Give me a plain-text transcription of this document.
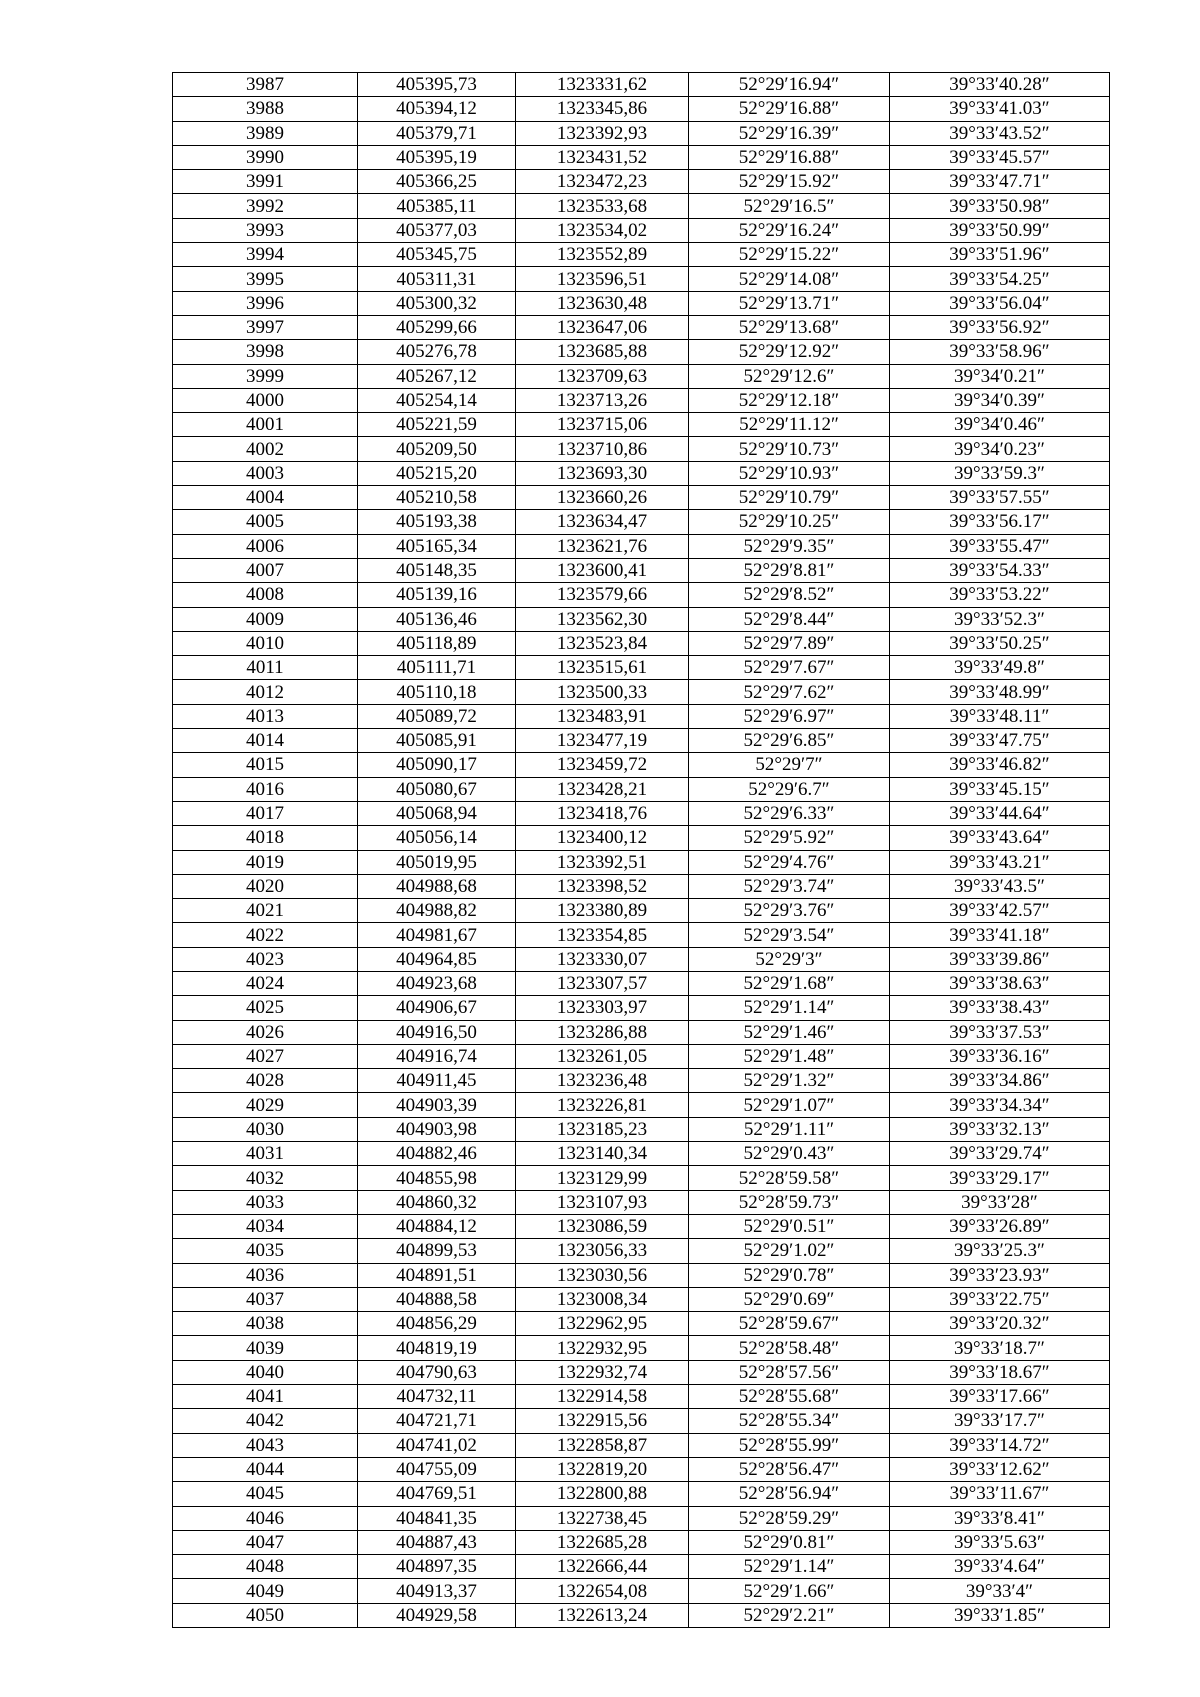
3987	405395,73	1323331,62	52°29′16.94″	39°33′40.28″
3988	405394,12	1323345,86	52°29′16.88″	39°33′41.03″
3989	405379,71	1323392,93	52°29′16.39″	39°33′43.52″
3990	405395,19	1323431,52	52°29′16.88″	39°33′45.57″
3991	405366,25	1323472,23	52°29′15.92″	39°33′47.71″
3992	405385,11	1323533,68	52°29′16.5″	39°33′50.98″
3993	405377,03	1323534,02	52°29′16.24″	39°33′50.99″
3994	405345,75	1323552,89	52°29′15.22″	39°33′51.96″
3995	405311,31	1323596,51	52°29′14.08″	39°33′54.25″
3996	405300,32	1323630,48	52°29′13.71″	39°33′56.04″
3997	405299,66	1323647,06	52°29′13.68″	39°33′56.92″
3998	405276,78	1323685,88	52°29′12.92″	39°33′58.96″
3999	405267,12	1323709,63	52°29′12.6″	39°34′0.21″
4000	405254,14	1323713,26	52°29′12.18″	39°34′0.39″
4001	405221,59	1323715,06	52°29′11.12″	39°34′0.46″
4002	405209,50	1323710,86	52°29′10.73″	39°34′0.23″
4003	405215,20	1323693,30	52°29′10.93″	39°33′59.3″
4004	405210,58	1323660,26	52°29′10.79″	39°33′57.55″
4005	405193,38	1323634,47	52°29′10.25″	39°33′56.17″
4006	405165,34	1323621,76	52°29′9.35″	39°33′55.47″
4007	405148,35	1323600,41	52°29′8.81″	39°33′54.33″
4008	405139,16	1323579,66	52°29′8.52″	39°33′53.22″
4009	405136,46	1323562,30	52°29′8.44″	39°33′52.3″
4010	405118,89	1323523,84	52°29′7.89″	39°33′50.25″
4011	405111,71	1323515,61	52°29′7.67″	39°33′49.8″
4012	405110,18	1323500,33	52°29′7.62″	39°33′48.99″
4013	405089,72	1323483,91	52°29′6.97″	39°33′48.11″
4014	405085,91	1323477,19	52°29′6.85″	39°33′47.75″
4015	405090,17	1323459,72	52°29′7″	39°33′46.82″
4016	405080,67	1323428,21	52°29′6.7″	39°33′45.15″
4017	405068,94	1323418,76	52°29′6.33″	39°33′44.64″
4018	405056,14	1323400,12	52°29′5.92″	39°33′43.64″
4019	405019,95	1323392,51	52°29′4.76″	39°33′43.21″
4020	404988,68	1323398,52	52°29′3.74″	39°33′43.5″
4021	404988,82	1323380,89	52°29′3.76″	39°33′42.57″
4022	404981,67	1323354,85	52°29′3.54″	39°33′41.18″
4023	404964,85	1323330,07	52°29′3″	39°33′39.86″
4024	404923,68	1323307,57	52°29′1.68″	39°33′38.63″
4025	404906,67	1323303,97	52°29′1.14″	39°33′38.43″
4026	404916,50	1323286,88	52°29′1.46″	39°33′37.53″
4027	404916,74	1323261,05	52°29′1.48″	39°33′36.16″
4028	404911,45	1323236,48	52°29′1.32″	39°33′34.86″
4029	404903,39	1323226,81	52°29′1.07″	39°33′34.34″
4030	404903,98	1323185,23	52°29′1.11″	39°33′32.13″
4031	404882,46	1323140,34	52°29′0.43″	39°33′29.74″
4032	404855,98	1323129,99	52°28′59.58″	39°33′29.17″
4033	404860,32	1323107,93	52°28′59.73″	39°33′28″
4034	404884,12	1323086,59	52°29′0.51″	39°33′26.89″
4035	404899,53	1323056,33	52°29′1.02″	39°33′25.3″
4036	404891,51	1323030,56	52°29′0.78″	39°33′23.93″
4037	404888,58	1323008,34	52°29′0.69″	39°33′22.75″
4038	404856,29	1322962,95	52°28′59.67″	39°33′20.32″
4039	404819,19	1322932,95	52°28′58.48″	39°33′18.7″
4040	404790,63	1322932,74	52°28′57.56″	39°33′18.67″
4041	404732,11	1322914,58	52°28′55.68″	39°33′17.66″
4042	404721,71	1322915,56	52°28′55.34″	39°33′17.7″
4043	404741,02	1322858,87	52°28′55.99″	39°33′14.72″
4044	404755,09	1322819,20	52°28′56.47″	39°33′12.62″
4045	404769,51	1322800,88	52°28′56.94″	39°33′11.67″
4046	404841,35	1322738,45	52°28′59.29″	39°33′8.41″
4047	404887,43	1322685,28	52°29′0.81″	39°33′5.63″
4048	404897,35	1322666,44	52°29′1.14″	39°33′4.64″
4049	404913,37	1322654,08	52°29′1.66″	39°33′4″
4050	404929,58	1322613,24	52°29′2.21″	39°33′1.85″
